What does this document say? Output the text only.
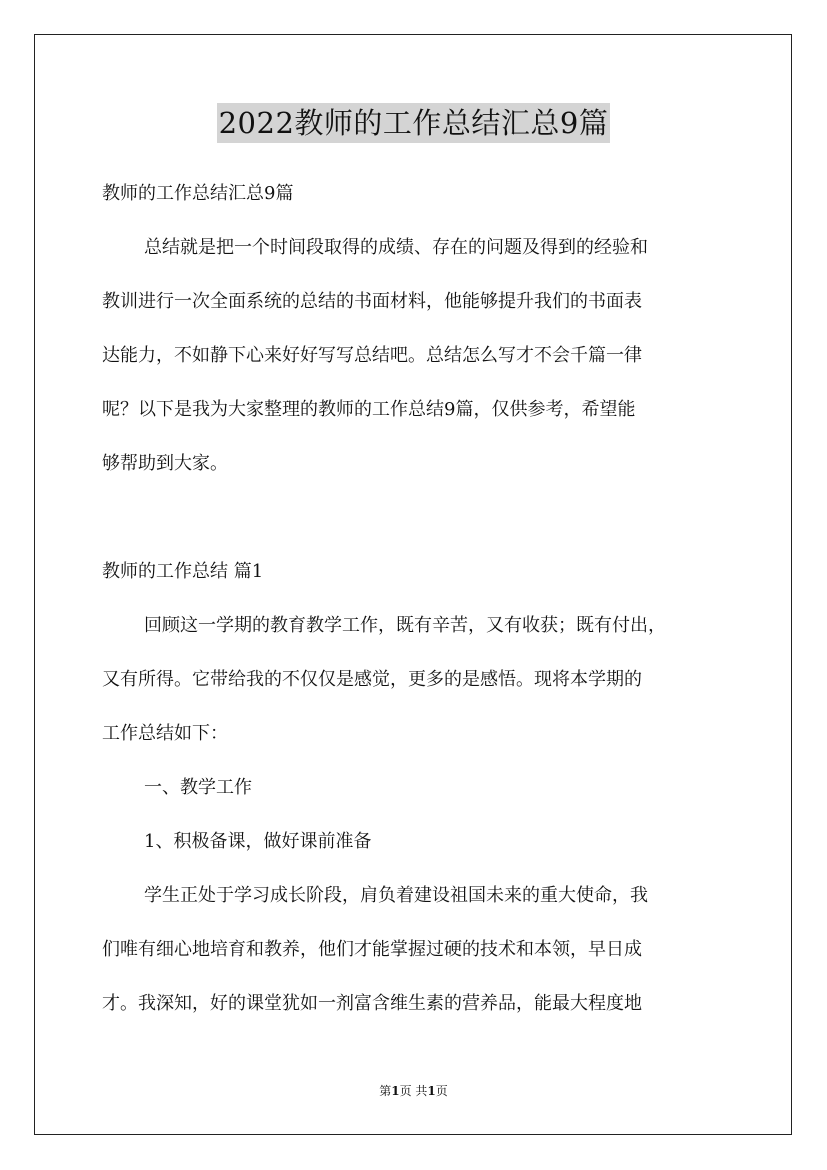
2022教师的工作总结汇总9篇
教师的工作总结汇总9篇
总结就是把一个时间段取得的成绩、存在的问题及得到的经验和
教训进行一次全面系统的总结的书面材料，他能够提升我们的书面表
达能力，不如静下心来好好写写总结吧。总结怎么写才不会千篇一律
呢？以下是我为大家整理的教师的工作总结9篇，仅供参考，希望能
够帮助到大家。
教师的工作总结 篇1
回顾这一学期的教育教学工作，既有辛苦，又有收获；既有付出，
又有所得。它带给我的不仅仅是感觉，更多的是感悟。现将本学期的
工作总结如下：
一、教学工作
1、积极备课，做好课前准备
学生正处于学习成长阶段，肩负着建设祖国未来的重大使命，我
们唯有细心地培育和教养，他们才能掌握过硬的技术和本领，早日成
才。我深知，好的课堂犹如一剂富含维生素的营养品，能最大程度地
第1页 共1页
